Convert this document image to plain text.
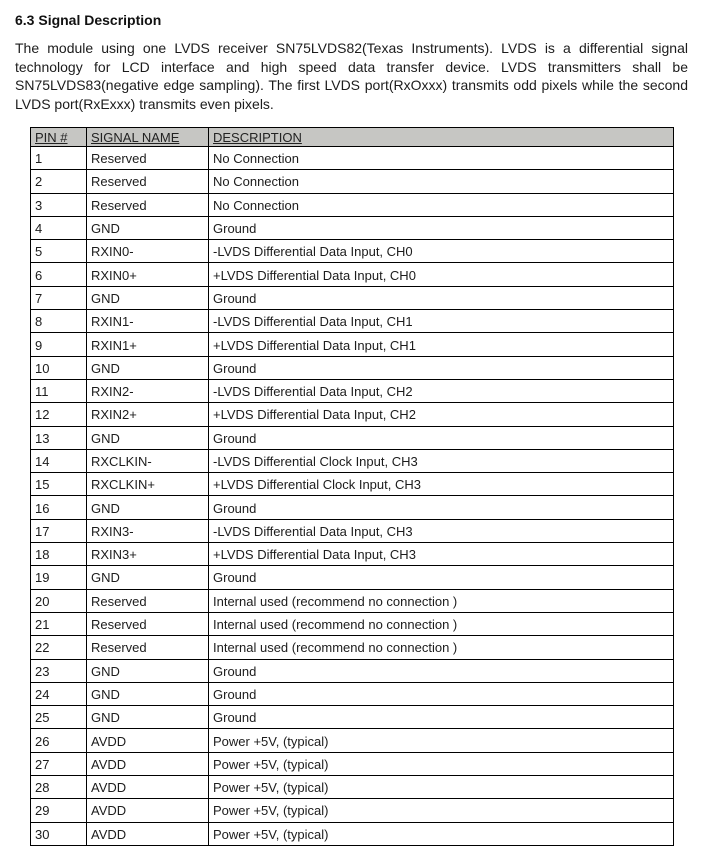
6.3 Signal Description

The module using one LVDS receiver SN75LVDS82(Texas Instruments). LVDS is a differential signal technology for LCD interface and high speed data transfer device. LVDS transmitters shall be SN75LVDS83(negative edge sampling). The first LVDS port(RxOxxx) transmits odd pixels while the second LVDS port(RxExxx) transmits even pixels.

PIN #	SIGNAL NAME	DESCRIPTION
1	Reserved	No Connection
2	Reserved	No Connection
3	Reserved	No Connection
4	GND	Ground
5	RXIN0-	-LVDS Differential Data Input, CH0
6	RXIN0+	+LVDS Differential Data Input, CH0
7	GND	Ground
8	RXIN1-	-LVDS Differential Data Input, CH1
9	RXIN1+	+LVDS Differential Data Input, CH1
10	GND	Ground
11	RXIN2-	-LVDS Differential Data Input, CH2
12	RXIN2+	+LVDS Differential Data Input, CH2
13	GND	Ground
14	RXCLKIN-	-LVDS Differential Clock Input, CH3
15	RXCLKIN+	+LVDS Differential Clock Input, CH3
16	GND	Ground
17	RXIN3-	-LVDS Differential Data Input, CH3
18	RXIN3+	+LVDS Differential Data Input, CH3
19	GND	Ground
20	Reserved	Internal used (recommend no connection )
21	Reserved	Internal used (recommend no connection )
22	Reserved	Internal used (recommend no connection )
23	GND	Ground
24	GND	Ground
25	GND	Ground
26	AVDD	Power +5V, (typical)
27	AVDD	Power +5V, (typical)
28	AVDD	Power +5V, (typical)
29	AVDD	Power +5V, (typical)
30	AVDD	Power +5V, (typical)
